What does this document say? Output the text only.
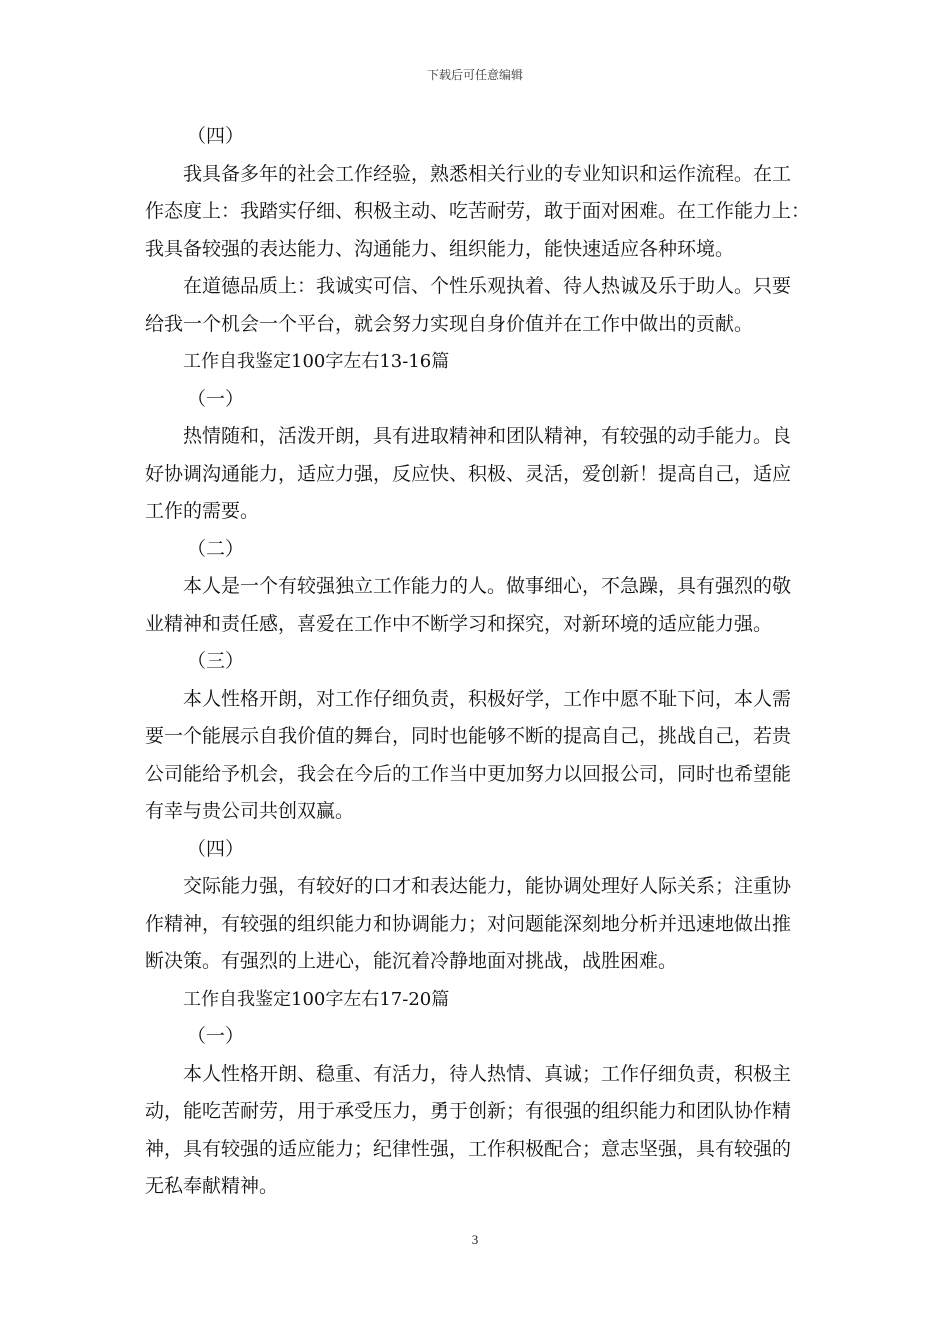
下载后可任意编辑

（四）

我具备多年的社会工作经验，熟悉相关行业的专业知识和运作流程。在工

作态度上：我踏实仔细、积极主动、吃苦耐劳，敢于面对困难。在工作能力上：

我具备较强的表达能力、沟通能力、组织能力，能快速适应各种环境。

在道德品质上：我诚实可信、个性乐观执着、待人热诚及乐于助人。只要

给我一个机会一个平台，就会努力实现自身价值并在工作中做出的贡献。

工作自我鉴定100字左右13-16篇

（一）

热情随和，活泼开朗，具有进取精神和团队精神，有较强的动手能力。良

好协调沟通能力，适应力强，反应快、积极、灵活，爱创新！提高自己，适应

工作的需要。

（二）

本人是一个有较强独立工作能力的人。做事细心，不急躁，具有强烈的敬

业精神和责任感，喜爱在工作中不断学习和探究，对新环境的适应能力强。

（三）

本人性格开朗，对工作仔细负责，积极好学，工作中愿不耻下问，本人需

要一个能展示自我价值的舞台，同时也能够不断的提高自己，挑战自己，若贵

公司能给予机会，我会在今后的工作当中更加努力以回报公司，同时也希望能

有幸与贵公司共创双赢。

（四）

交际能力强，有较好的口才和表达能力，能协调处理好人际关系；注重协

作精神，有较强的组织能力和协调能力；对问题能深刻地分析并迅速地做出推

断决策。有强烈的上进心，能沉着冷静地面对挑战，战胜困难。

工作自我鉴定100字左右17-20篇

（一）

本人性格开朗、稳重、有活力，待人热情、真诚；工作仔细负责，积极主

动，能吃苦耐劳，用于承受压力，勇于创新；有很强的组织能力和团队协作精

神，具有较强的适应能力；纪律性强，工作积极配合；意志坚强，具有较强的

无私奉献精神。

3
